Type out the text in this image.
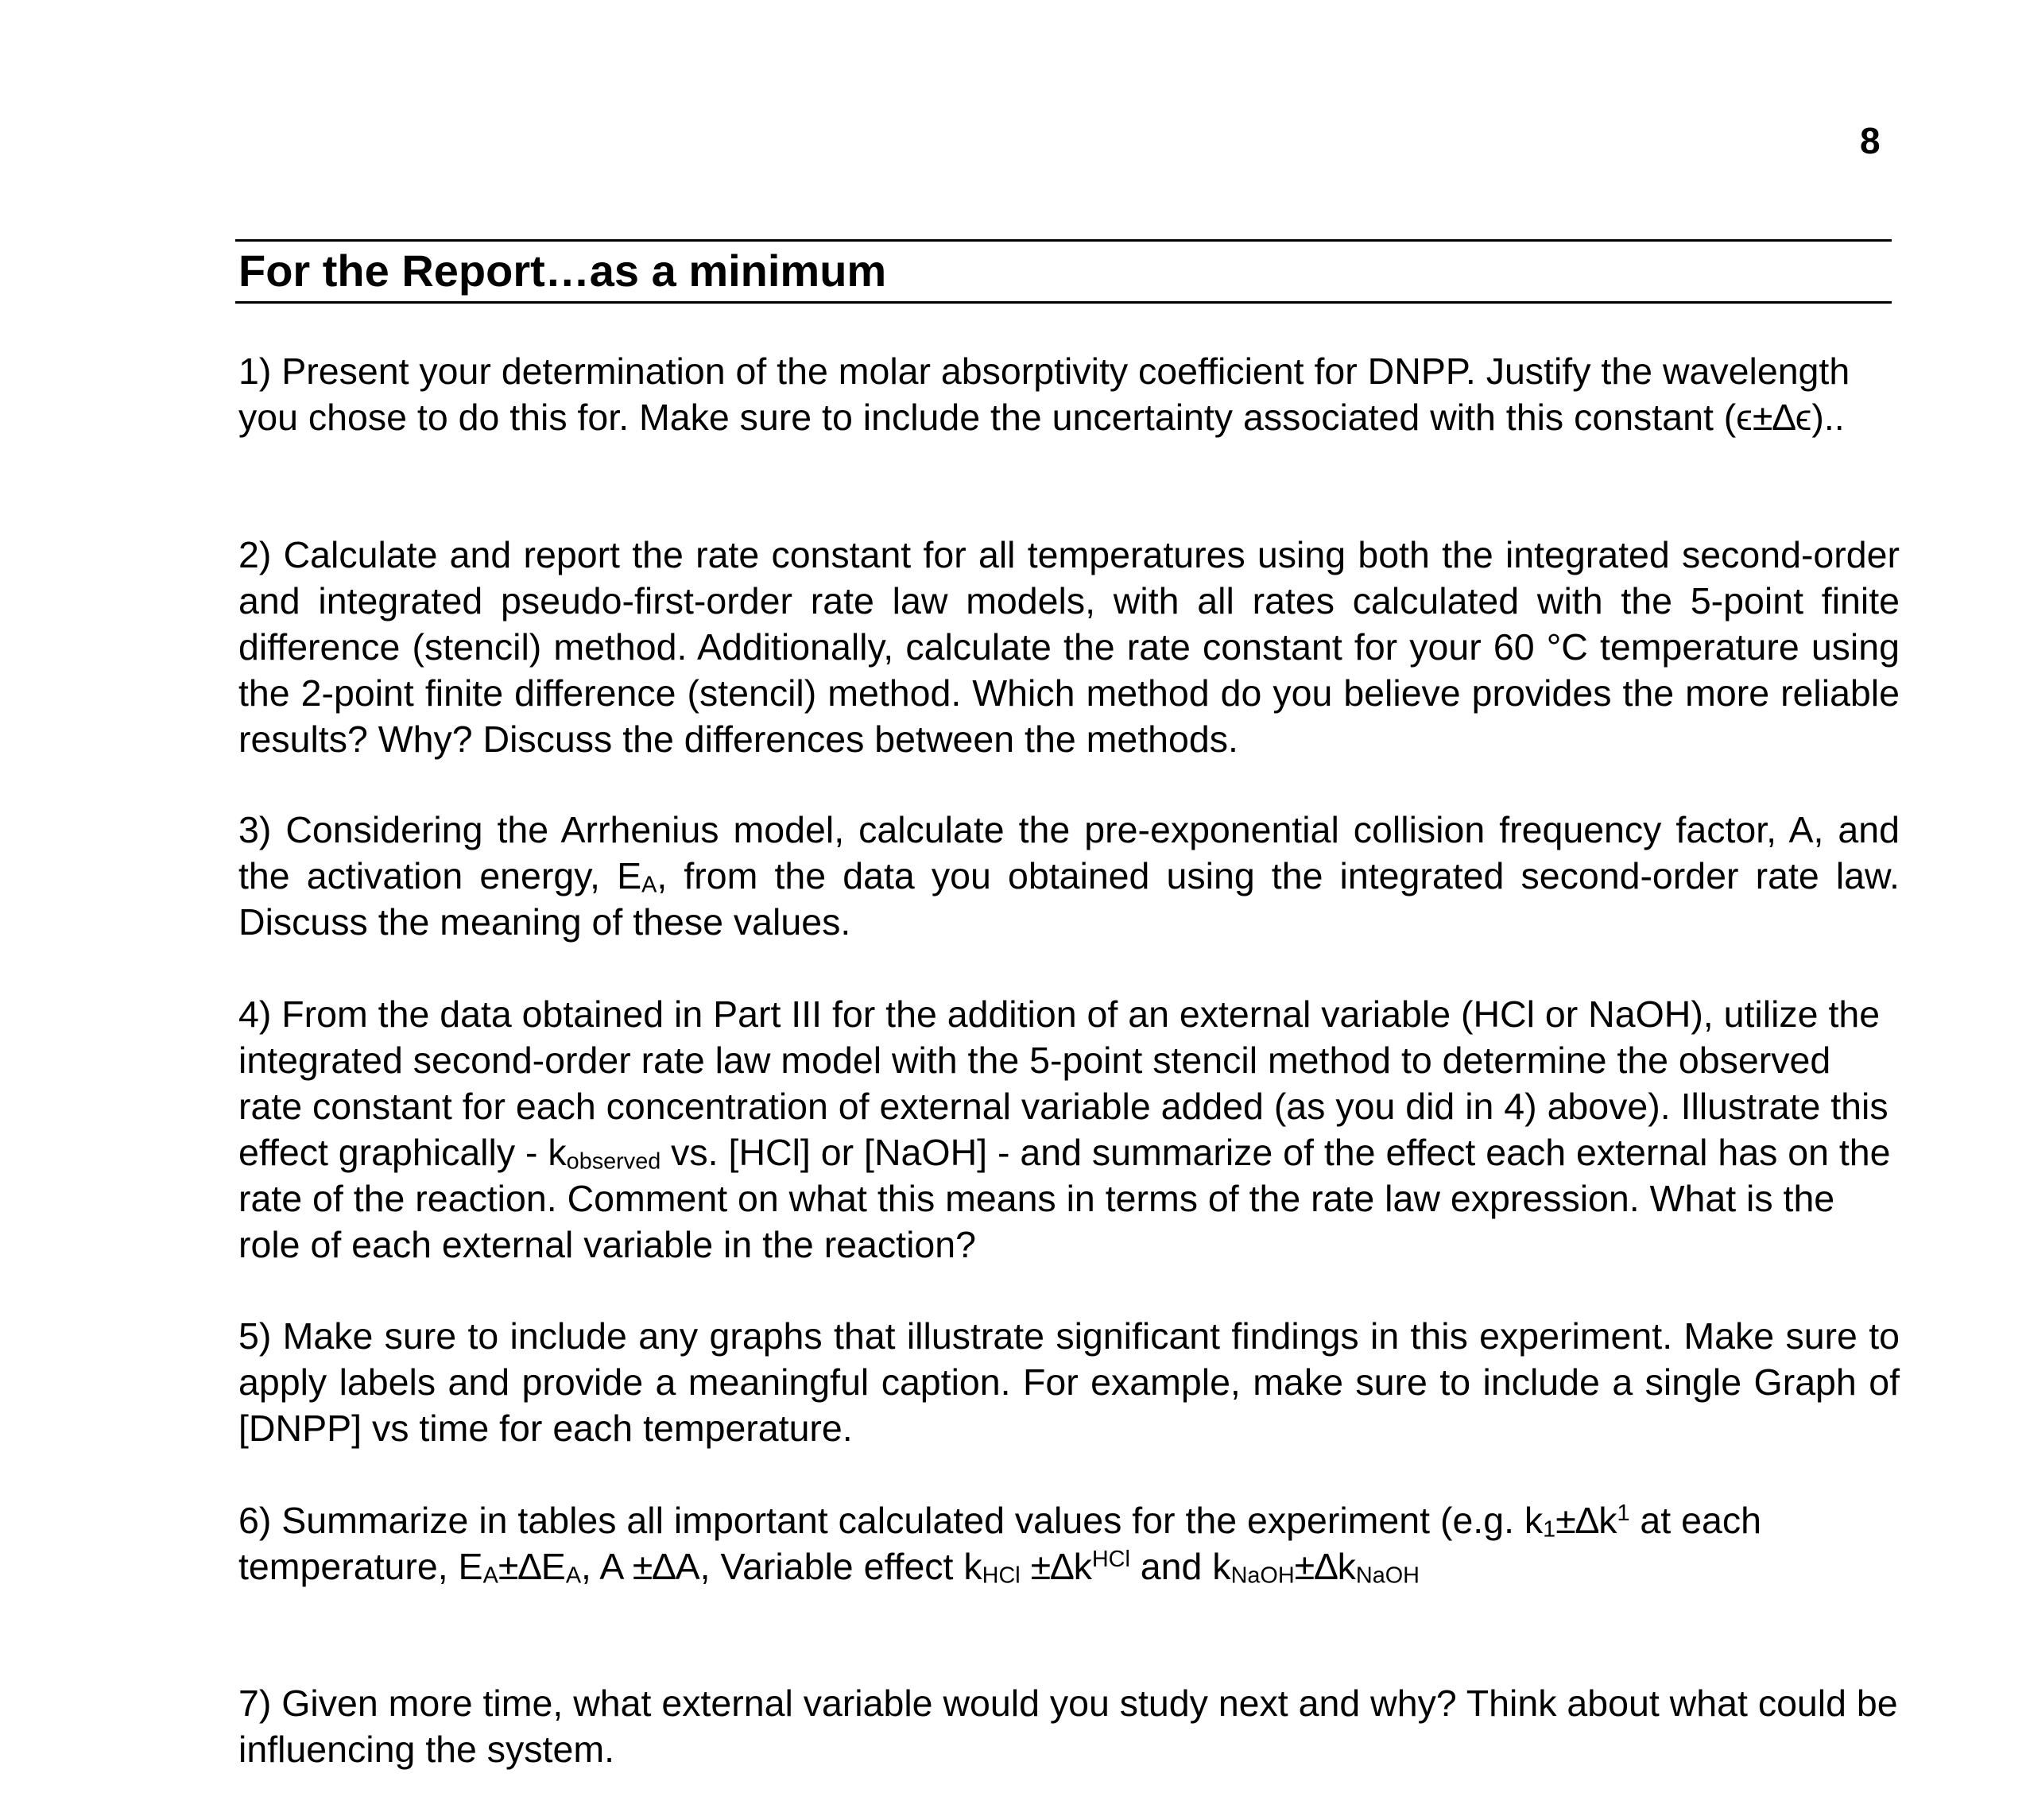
8
For the Report…as a minimum
1) Present your determination of the molar absorptivity coefficient for DNPP. Justify the wavelength you chose to do this for. Make sure to include the uncertainty associated with this constant (ϵ±∆ϵ)..
2) Calculate and report the rate constant for all temperatures using both the integrated second-order and integrated pseudo-first-order rate law models, with all rates calculated with the 5-point finite difference (stencil) method. Additionally, calculate the rate constant for your 60 °C temperature using the 2-point finite difference (stencil) method. Which method do you believe provides the more reliable results? Why? Discuss the differences between the methods.
3) Considering the Arrhenius model, calculate the pre-exponential collision frequency factor, A, and the activation energy, $E_A$, from the data you obtained using the integrated second-order rate law. Discuss the meaning of these values.
4) From the data obtained in Part III for the addition of an external variable (HCl or NaOH), utilize the integrated second-order rate law model with the 5-point stencil method to determine the observed rate constant for each concentration of external variable added (as you did in 4) above). Illustrate this effect graphically - $k_{observed}$ vs. [HCl] or [NaOH] - and summarize of the effect each external has on the rate of the reaction. Comment on what this means in terms of the rate law expression. What is the role of each external variable in the reaction?
5) Make sure to include any graphs that illustrate significant findings in this experiment. Make sure to apply labels and provide a meaningful caption. For example, make sure to include a single Graph of [DNPP] vs time for each temperature.
6) Summarize in tables all important calculated values for the experiment (e.g. $k_1\pm\Delta k^1$ at each temperature, $E_A\pm\Delta E_A$, A ±∆A, Variable effect $k_{HCl} \pm\Delta k^{HCl}$ and $k_{NaOH}\pm\Delta k_{NaOH}$
7) Given more time, what external variable would you study next and why? Think about what could be influencing the system.
